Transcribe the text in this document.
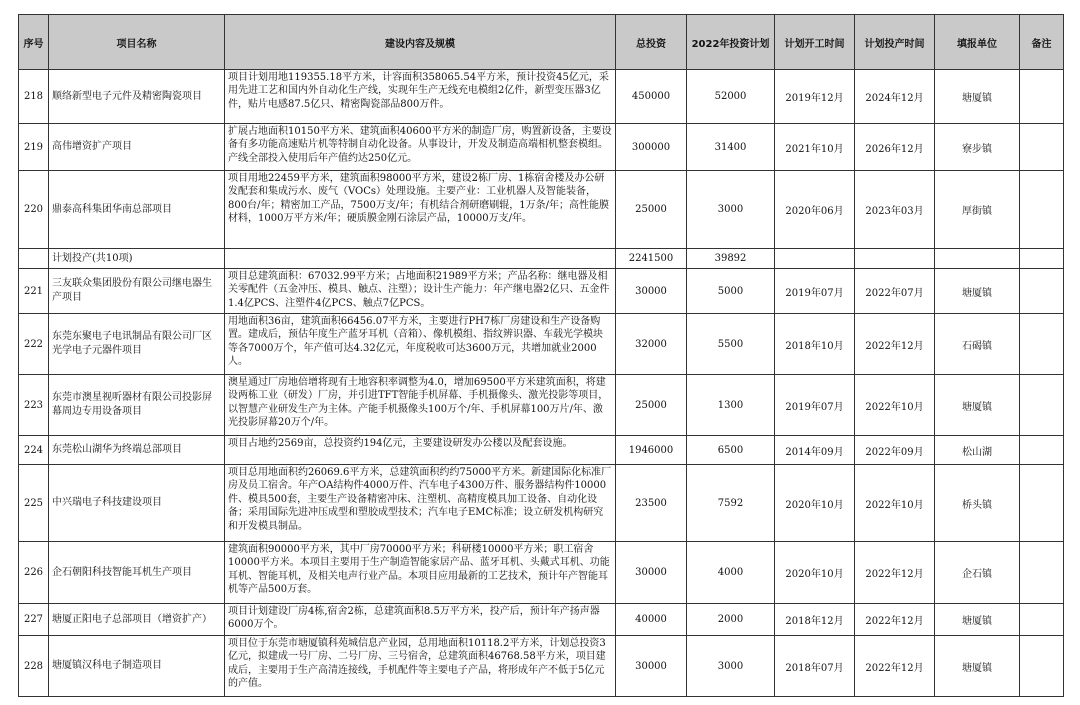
序号	项目名称	建设内容及规模	总投资	2022年投资计划	计划开工时间	计划投产时间	填报单位	备注
218	顺络新型电子元件及精密陶瓷项目	项目计划用地119355.18平方米，计容面积358065.54平方米，预计投资45亿元，采用先进工艺和国内外自动化生产线，实现年生产无线充电模组2亿件，新型变压器3亿件，贴片电感87.5亿只、精密陶瓷部品800万件。	450000	52000	2019年12月	2024年12月	塘厦镇	
219	高伟增资扩产项目	扩展占地面积10150平方米、建筑面积40600平方米的制造厂房，购置新设备，主要设备有多功能高速贴片机等特制自动化设备。从事设计，开发及制造高端相机整套模组。产线全部投入使用后年产值约达250亿元。	300000	31400	2021年10月	2026年12月	寮步镇	
220	鼎泰高科集团华南总部项目	项目用地22459平方米，建筑面积98000平方米，建设2栋厂房、1栋宿舍楼及办公研发配套和集成污水、废气（VOCs）处理设施。主要产业：工业机器人及智能装备，800台/年；精密加工产品，7500万支/年；有机结合剂研磨刷辊，1万条/年；高性能膜材料，1000万平方米/年；硬质膜金刚石涂层产品，10000万支/年。	25000	3000	2020年06月	2023年03月	厚街镇	
	计划投产(共10项)		2241500	39892				
221	三友联众集团股份有限公司继电器生产项目	项目总建筑面积：67032.99平方米；占地面积21989平方米；产品名称：继电器及相关零配件（五金冲压、模具、触点、注塑）；设计生产能力：年产继电器2亿只、五金件1.4亿PCS、注塑件4亿PCS、触点7亿PCS。	30000	5000	2019年07月	2022年07月	塘厦镇	
222	东莞东聚电子电讯制品有限公司厂区光学电子元器件项目	用地面积36亩，建筑面积66456.07平方米，主要进行PH7栋厂房建设和生产设备购置。建成后，预估年度生产蓝牙耳机（音箱）、像机模组、指纹辨识器、车载光学模块等各7000万个，年产值可达4.32亿元，年度税收可达3600万元，共增加就业2000人。	32000	5500	2018年10月	2022年12月	石碣镇	
223	东莞市澳星视听器材有限公司投影屏幕周边专用设备项目	澳星通过厂房地倍增将现有土地容积率调整为4.0，增加69500平方米建筑面积，将建设两栋工业（研发）厂房，并引进TFT智能手机屏幕、手机摄像头、激光投影等项目，以智慧产业研发生产为主体。产能手机摄像头100万个/年、手机屏幕100万片/年、激光投影屏幕20万个/年。	25000	1300	2019年07月	2022年10月	塘厦镇	
224	东莞松山湖华为终端总部项目	项目占地约2569亩，总投资约194亿元，主要建设研发办公楼以及配套设施。	1946000	6500	2014年09月	2022年09月	松山湖	
225	中兴瑞电子科技建设项目	项目总用地面积约26069.6平方米，总建筑面积约约75000平方米。新建国际化标准厂房及员工宿舍。年产OA结构件4000万件、汽车电子4300万件、服务器结构件10000件、模具500套，主要生产设备精密冲床、注塑机、高精度模具加工设备、自动化设备；采用国际先进冲压成型和塑胶成型技术；汽车电子EMC标准；设立研发机构研究和开发模具制品。	23500	7592	2020年10月	2022年10月	桥头镇	
226	企石朝阳科技智能耳机生产项目	建筑面积90000平方米，其中厂房70000平方米；科研楼10000平方米；职工宿舍10000平方米。本项目主要用于生产制造智能家居产品、蓝牙耳机、头戴式耳机、功能耳机、智能耳机，及相关电声行业产品。本项目应用最新的工艺技术，预计年产智能耳机等产品500万套。	30000	4000	2020年10月	2022年12月	企石镇	
227	塘厦正阳电子总部项目（增资扩产）	项目计划建设厂房4栋,宿舍2栋，总建筑面积8.5万平方米，投产后，预计年产扬声器6000万个。	40000	2000	2018年12月	2022年12月	塘厦镇	
228	塘厦镇汉科电子制造项目	项目位于东莞市塘厦镇科苑城信息产业园，总用地面积10118.2平方米，计划总投资3亿元，拟建成一号厂房、二号厂房、三号宿舍，总建筑面积46768.58平方米，项目建成后，主要用于生产高清连接线，手机配件等主要电子产品，将形成年产不低于5亿元的产值。	30000	3000	2018年07月	2022年12月	塘厦镇	
